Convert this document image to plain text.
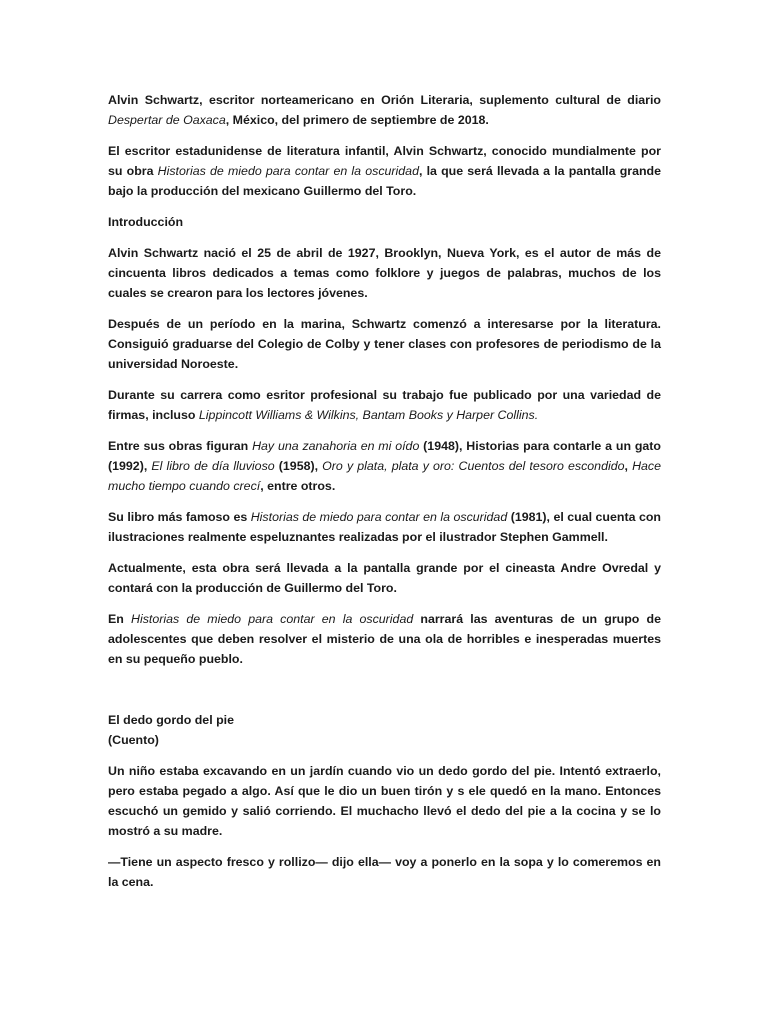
Alvin Schwartz, escritor norteamericano en Orión Literaria, suplemento cultural de diario Despertar de Oaxaca, México, del primero de septiembre de 2018.

El escritor estadunidense de literatura infantil, Alvin Schwartz, conocido mundialmente por su obra Historias de miedo para contar en la oscuridad, la que será llevada a la pantalla grande bajo la producción del mexicano Guillermo del Toro.

Introducción

Alvin Schwartz nació el 25 de abril de 1927, Brooklyn, Nueva York, es el autor de más de cincuenta libros dedicados a temas como folklore y juegos de palabras, muchos de los cuales se crearon para los lectores jóvenes.

Después de un período en la marina, Schwartz comenzó a interesarse por la literatura. Consiguió graduarse del Colegio de Colby y tener clases con profesores de periodismo de la universidad Noroeste.

Durante su carrera como esritor profesional su trabajo fue publicado por una variedad de firmas, incluso Lippincott Williams & Wilkins, Bantam Books y Harper Collins.

Entre sus obras figuran Hay una zanahoria en mi oído (1948), Historias para contarle a un gato (1992), El libro de día lluvioso (1958), Oro y plata, plata y oro: Cuentos del tesoro escondido, Hace mucho tiempo cuando crecí, entre otros.

Su libro más famoso es Historias de miedo para contar en la oscuridad (1981), el cual cuenta con ilustraciones realmente espeluznantes realizadas por el ilustrador Stephen Gammell.

Actualmente, esta obra será llevada a la pantalla grande por el cineasta Andre Ovredal y contará con la producción de Guillermo del Toro.

En Historias de miedo para contar en la oscuridad narrará las aventuras de un grupo de adolescentes que deben resolver el misterio de una ola de horribles e inesperadas muertes en su pequeño pueblo.

El dedo gordo del pie
(Cuento)

Un niño estaba excavando en un jardín cuando vio un dedo gordo del pie. Intentó extraerlo, pero estaba pegado a algo. Así que le dio un buen tirón y s ele quedó en la mano. Entonces escuchó un gemido y salió corriendo. El muchacho llevó el dedo del pie a la cocina y se lo mostró a su madre.

—Tiene un aspecto fresco y rollizo— dijo ella— voy a ponerlo en la sopa y lo comeremos en la cena.
